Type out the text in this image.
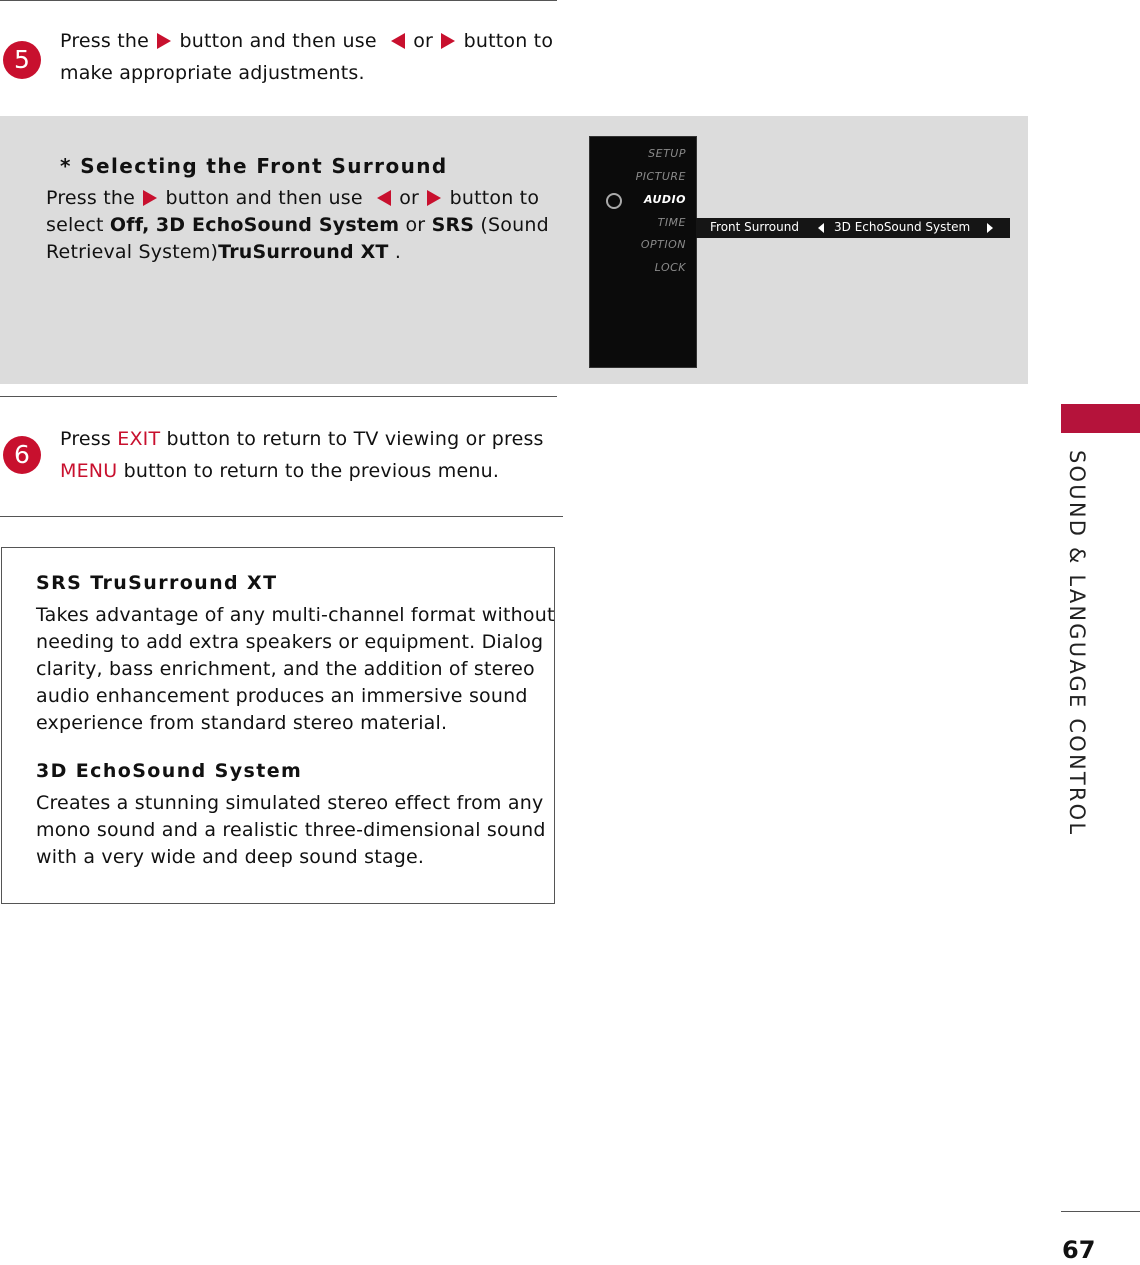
5
Press the button and then use or button to
make appropriate adjustments.
* Selecting the Front Surround
Press the button and then use or button to
select Off, 3D EchoSound System or SRS (Sound
Retrieval System)TruSurround XT .
SETUP
PICTURE
AUDIO
TIME
OPTION
LOCK
Front Surround	3D EchoSound System
6
Press EXIT button to return to TV viewing or press
MENU button to return to the previous menu.
SRS TruSurround XT
Takes advantage of any multi-channel format without
needing to add extra speakers or equipment. Dialog
clarity, bass enrichment, and the addition of stereo
audio enhancement produces an immersive sound
experience from standard stereo material.
3D EchoSound System
Creates a stunning simulated stereo effect from any
mono sound and a realistic three-dimensional sound
with a very wide and deep sound stage.
SOUND & LANGUAGE CONTROL
67
